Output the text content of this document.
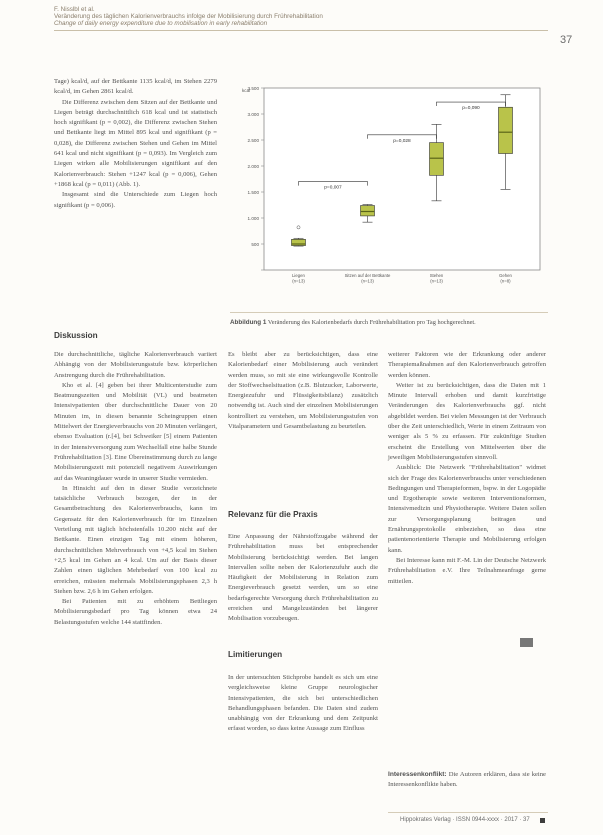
F. Nisslbl et al.
Veränderung des täglichen Kalorienverbrauchs infolge der Mobilisierung durch Frührehabilitation
Change of daily energy expenditure due to mobilisation in early rehabilitation
37

Tage) kcal/d, auf der Bettkante 1135 kcal/d, im Stehen 2279 kcal/d, im Gehen 2861 kcal/d.

Die Differenz zwischen dem Sitzen auf der Bettkante und Liegen beträgt durchschnittlich 618 kcal und ist statistisch hoch signifikant (p = 0,002), die Differenz zwischen Stehen und Bettkante liegt im Mittel 895 kcal und signifikant (p = 0,028), die Differenz zwischen Stehen und Gehen im Mittel 641 kcal und nicht signifikant (p = 0,093). Im Vergleich zum Liegen wirken alle Mobilisierungen signifikant auf den Kalorienverbrauch: Stehen +1247 kcal (p = 0,006), Gehen +1868 kcal (p = 0,011) (Abb. 1).

Insgesamt sind die Unterschiede zum Liegen hoch signifikant (p = 0,006).

Diskussion

Die durchschnittliche, tägliche Kalorienverbrauch variiert Abhängig von der Mobilisierungsstufe bzw. körperlichen Anstrengung durch die Frührehabilitation.

Kho et al. [4] geben bei ihrer Multicenterstudie zum Beatmungszeiten und Mobilität (VL) und beatmeten Intensivpatienten über durchschnittliche Dauer von 20 Minuten im, in diesen benannte Scheingruppen einen Mittelwert der Energieverbrauchs von 20 Minuten verlängert, ebenso Evaluation (r.[4], bei Schweiker [5] einem Patienten in der Intensivversorgung zum Wechselfall eine halbe Stunde Frührehabilitation [3]. Eine Übereinstimmung durch zu lange Mobilisierungszeit mit potenziell negativem Auswirkungen auf das Weaningdauer wurde in unserer Studie vermieden.

In Hinsicht auf den in dieser Studie verzeichnete tatsächliche Verbrauch bezogen, der in der Gesamtbetrachtung des Kalorienverbrauchs, kann im Gegensatz für den Kalorienverbrauch für im Einzelnen Verteilung mit täglich höchstenfalls 10.200 nicht auf der Bettkante. Einen einzigen Tag mit einem höheren, durchschnittlichen Mehrverbrauch von +4,5 kcal im Stehen +2,5 kcal im Gehen an 4 kcal. Um auf der Basis dieser Zahlen einen täglichen Mehrbedarf von 100 kcal zu erreichen, müssten mehrmals Mobilisierungsphasen 2,3 h Stehen bzw. 2,6 h im Gehen erfolgen.

Bei Patienten mit zu erhöhtem Bettliegen Mobilisierungsbedarf pro Tag können etwa 24 Belastungsstufen welche 144 stattfinden.

500
1.000
1.500
2.000
2.500
3.000
3.500
kcal
Liegen
(n=13)
Sitzen auf der Bettkante
(n=13)
Stehen
(n=13)
Gehen
(n=8)
p=0,007
p=0,028
p=0,090
Abbildung 1 Veränderung des Kalorienbedarfs durch Frührehabilitation pro Tag hochgerechnet.

Es bleibt aber zu berücksichtigen, dass eine Kalorienbedarf einer Mobilisierung auch verändert werden muss, so mit sie eine wirkungsvolle Kontrolle der Stoffwechselsituation (z.B. Blutzucker, Laborwerte, Energiezufuhr und Flüssigkeitsbilanz) zusätzlich notwendig ist. Auch sind der einzelnen Mobilisierungen kontrolliert zu verstehen, um Mobilisierungsstufen von Vitalparametern und Gesamtbelastung zu beurteilen.

Relevanz für die Praxis

Eine Anpassung der Nährstoffzugabe während der Frührehabilitation muss bei entsprechender Mobilisierung berücksichtigt werden. Bei langen Intervallen sollte neben der Kalorienzufuhr auch die Häufigkeit der Mobilisierung in Relation zum Energieverbrauch gesetzt werden, um so eine bedarfsgerechte Versorgung durch Frührehabilitation zu erreichen und Mangelzuständen bei längerer Mobilisation vorzubeugen.

Limitierungen

In der untersuchten Stichprobe handelt es sich um eine vergleichsweise kleine Gruppe neurologischer Intensivpatienten, die sich bei unterschiedlichen Behandlungsphasen befanden. Die Daten sind zudem unabhängig von der Erkrankung und dem Zeitpunkt erfasst worden, so dass keine Aussage zum Einfluss

weiterer Faktoren wie der Erkrankung oder anderer Therapiemaßnahmen auf den Kalorienverbrauch getroffen werden können.

Weiter ist zu berücksichtigen, dass die Daten mit 1 Minute Intervall erhoben und damit kurzfristige Veränderungen des Kalorienverbrauchs ggf. nicht abgebildet werden. Bei vielen Messungen ist der Verbrauch über die Zeit unterschiedlich, Werte in einem Zeitraum von weniger als 5 % zu erfassen. Für zukünftige Studien erscheint die Erstellung von Mittelwerten über die jeweiligen Mobilisierungsstufen sinnvoll.

Ausblick: Die Netzwerk "Frührehabilitation" widmet sich der Frage des Kalorienverbrauchs unter verschiedenen Bedingungen und Therapieformen, bspw. in der Logopädie und Ergotherapie sowie weiteren Interventionsformen, Intensivmedizin und Physiotherapie. Weitere Daten sollen zur Versorgungsplanung beitragen und Ernährungsprotokolle einbeziehen, so dass eine patientenorientierte Therapie und Mobilisierung erfolgen kann.

Bei Interesse kann mit F.-M. Lin der Deutsche Netzwerk Frührehabilitation e.V. Ihre Teilnahmeanfrage gerne mitteilen.

Interessenkonflikt: Die Autoren erklären, dass sie keine Interessenkonflikte haben.

Hippokrates Verlag · ISSN 0944-xxxx · 2017 · 37
